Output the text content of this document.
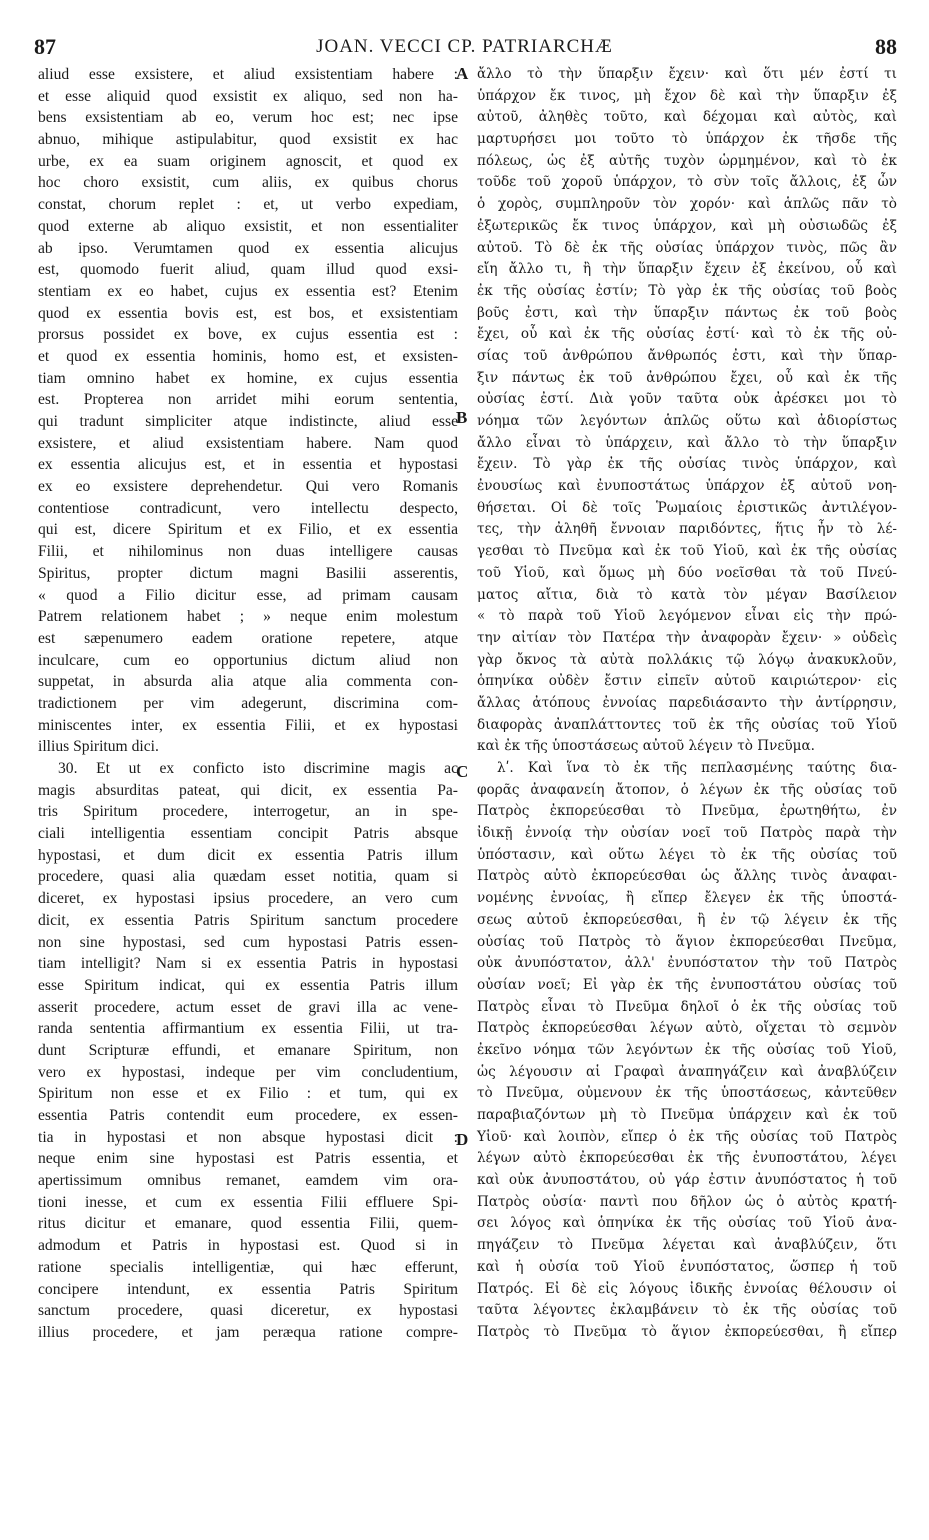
87	JOAN. VECCI CP. PATRIARCHÆ	88
aliud esse exsistere, et aliud exsistentiam habere :
et esse aliquid quod exsistit ex aliquo, sed non ha-
bens exsistentiam ab eo, verum hoc est; nec ipse
abnuo, mihique astipulabitur, quod exsistit ex hac
urbe, ex ea suam originem agnoscit, et quod ex
hoc choro exsistit, cum aliis, ex quibus chorus
constat, chorum replet : et, ut verbo expediam,
quod externe ab aliquo exsistit, et non essentialiter
ab ipso. Verumtamen quod ex essentia alicujus
est, quomodo fuerit aliud, quam illud quod exsi-
stentiam ex eo habet, cujus ex essentia est? Etenim
quod ex essentia bovis est, est bos, et exsistentiam
prorsus possidet ex bove, ex cujus essentia est :
et quod ex essentia hominis, homo est, et exsisten-
tiam omnino habet ex homine, ex cujus essentia
est. Propterea non arridet mihi eorum sententia,
qui tradunt simpliciter atque indistincte, aliud esse
exsistere, et aliud exsistentiam habere. Nam quod
ex essentia alicujus est, et in essentia et hypostasi
ex eo exsistere deprehendetur. Qui vero Romanis
contentiose contradicunt, vero intellectu despecto,
qui est, dicere Spiritum et ex Filio, et ex essentia
Filii, et nihilominus non duas intelligere causas
Spiritus, propter dictum magni Basilii asserentis,
« quod a Filio dicitur esse, ad primam causam
Patrem relationem habet ; » neque enim molestum
est sæpenumero eadem oratione repetere, atque
inculcare, cum eo opportunius dictum aliud non
suppetat, in absurda alia atque alia commenta con-
tradictionem per vim adegerunt, discrimina com-
miniscentes inter, ex essentia Filii, et ex hypostasi
illius Spiritum dici.
30. Et ut ex conficto isto discrimine magis ac
magis absurditas pateat, qui dicit, ex essentia Pa-
tris Spiritum procedere, interrogetur, an in spe-
ciali intelligentia essentiam concipit Patris absque
hypostasi, et dum dicit ex essentia Patris illum
procedere, quasi alia quædam esset notitia, quam si
diceret, ex hypostasi ipsius procedere, an vero cum
dicit, ex essentia Patris Spiritum sanctum procedere
non sine hypostasi, sed cum hypostasi Patris essen-
tiam intelligit? Nam si ex essentia Patris in hypostasi
esse Spiritum indicat, qui ex essentia Patris illum
asserit procedere, actum esset de gravi illa ac vene-
randa sententia affirmantium ex essentia Filii, ut tra-
dunt Scripturæ effundi, et emanare Spiritum, non
vero ex hypostasi, indeque per vim concludentium,
Spiritum non esse et ex Filio : et tum, qui ex
essentia Patris contendit eum procedere, ex essen-
tia in hypostasi et non absque hypostasi dicit :
neque enim sine hypostasi est Patris essentia, et
apertissimum omnibus remanet, eamdem vim ora-
tioni inesse, et cum ex essentia Filii effluere Spi-
ritus dicitur et emanare, quod essentia Filii, quem-
admodum et Patris in hypostasi est. Quod si in
ratione specialis intelligentiæ, qui hæc efferunt,
concipere intendunt, ex essentia Patris Spiritum
sanctum procedere, quasi diceretur, ex hypostasi
illius procedere, et jam peræqua ratione compre-
ἄλλο τὸ τὴν ὕπαρξιν ἔχειν· καὶ ὅτι μέν ἐστί τι
ὑπάρχον ἔκ τινος, μὴ ἔχον δὲ καὶ τὴν ὕπαρξιν ἐξ
αὐτοῦ, ἀληθὲς τοῦτο, καὶ δέχομαι καὶ αὐτὸς, καὶ
μαρτυρήσει μοι τοῦτο τὸ ὑπάρχον ἐκ τῆσδε τῆς
πόλεως, ὡς ἐξ αὐτῆς τυχὸν ὡρμημένον, καὶ τὸ ἐκ
τοῦδε τοῦ χοροῦ ὑπάρχον, τὸ σὺν τοῖς ἄλλοις, ἐξ ὧν
ὁ χορὸς, συμπληροῦν τὸν χορόν· καὶ ἁπλῶς πᾶν τὸ
ἐξωτερικῶς ἔκ τινος ὑπάρχον, καὶ μὴ οὐσιωδῶς ἐξ
αὐτοῦ. Τὸ δὲ ἐκ τῆς οὐσίας ὑπάρχον τινὸς, πῶς ἂν
εἴη ἄλλο τι, ἢ τὴν ὕπαρξιν ἔχειν ἐξ ἐκείνου, οὗ καὶ
ἐκ τῆς οὐσίας ἐστίν; Τὸ γὰρ ἐκ τῆς οὐσίας τοῦ βοὸς
βοῦς ἐστι, καὶ τὴν ὕπαρξιν πάντως ἐκ τοῦ βοὸς
ἔχει, οὗ καὶ ἐκ τῆς οὐσίας ἐστί· καὶ τὸ ἐκ τῆς οὐ-
σίας τοῦ ἀνθρώπου ἄνθρωπός ἐστι, καὶ τὴν ὕπαρ-
ξιν πάντως ἐκ τοῦ ἀνθρώπου ἔχει, οὗ καὶ ἐκ τῆς
οὐσίας ἐστί. Διὰ γοῦν ταῦτα οὐκ ἀρέσκει μοι τὸ
νόημα τῶν λεγόντων ἁπλῶς οὕτω καὶ ἀδιορίστως
ἄλλο εἶναι τὸ ὑπάρχειν, καὶ ἄλλο τὸ τὴν ὕπαρξιν
ἔχειν. Τὸ γὰρ ἐκ τῆς οὐσίας τινὸς ὑπάρχον, καὶ
ἐνουσίως καὶ ἐνυποστάτως ὑπάρχον ἐξ αὐτοῦ νοη-
θήσεται. Οἱ δὲ τοῖς Ῥωμαίοις ἐριστικῶς ἀντιλέγον-
τες, τὴν ἀληθῆ ἔννοιαν παριδόντες, ἥτις ἦν τὸ λέ-
γεσθαι τὸ Πνεῦμα καὶ ἐκ τοῦ Υἱοῦ, καὶ ἐκ τῆς οὐσίας
τοῦ Υἱοῦ, καὶ ὅμως μὴ δύο νοεῖσθαι τὰ τοῦ Πνεύ-
ματος αἴτια, διὰ τὸ κατὰ τὸν μέγαν Βασίλειον
« τὸ παρὰ τοῦ Υἱοῦ λεγόμενον εἶναι εἰς τὴν πρώ-
την αἰτίαν τὸν Πατέρα τὴν ἀναφορὰν ἔχειν· » οὐδεὶς
γὰρ ὄκνος τὰ αὐτὰ πολλάκις τῷ λόγῳ ἀνακυκλοῦν,
ὁπηνίκα οὐδὲν ἔστιν εἰπεῖν αὐτοῦ καιριώτερον· εἰς
ἄλλας ἀτόπους ἐννοίας παρεδιάσαντο τὴν ἀντίρρησιν,
διαφορὰς ἀναπλάττοντες τοῦ ἐκ τῆς οὐσίας τοῦ Υἱοῦ
καὶ ἐκ τῆς ὑποστάσεως αὐτοῦ λέγειν τὸ Πνεῦμα.
λʹ. Καὶ ἵνα τὸ ἐκ τῆς πεπλασμένης ταύτης δια-
φορᾶς ἀναφανείη ἄτοπον, ὁ λέγων ἐκ τῆς οὐσίας τοῦ
Πατρὸς ἐκπορεύεσθαι τὸ Πνεῦμα, ἐρωτηθήτω, ἐν
ἰδικῇ ἐννοίᾳ τὴν οὐσίαν νοεῖ τοῦ Πατρὸς παρὰ τὴν
ὑπόστασιν, καὶ οὕτω λέγει τὸ ἐκ τῆς οὐσίας τοῦ
Πατρὸς αὐτὸ ἐκπορεύεσθαι ὡς ἄλλης τινὸς ἀναφαι-
νομένης ἐννοίας, ἢ εἴπερ ἔλεγεν ἐκ τῆς ὑποστά-
σεως αὐτοῦ ἐκπορεύεσθαι, ἢ ἐν τῷ λέγειν ἐκ τῆς
οὐσίας τοῦ Πατρὸς τὸ ἅγιον ἐκπορεύεσθαι Πνεῦμα,
οὐκ ἀνυπόστατον, ἀλλ' ἐνυπόστατον τὴν τοῦ Πατρὸς
οὐσίαν νοεῖ; Εἰ γὰρ ἐκ τῆς ἐνυποστάτου οὐσίας τοῦ
Πατρὸς εἶναι τὸ Πνεῦμα δηλοῖ ὁ ἐκ τῆς οὐσίας τοῦ
Πατρὸς ἐκπορεύεσθαι λέγων αὐτὸ, οἴχεται τὸ σεμνὸν
ἐκεῖνο νόημα τῶν λεγόντων ἐκ τῆς οὐσίας τοῦ Υἱοῦ,
ὡς λέγουσιν αἱ Γραφαὶ ἀναπηγάζειν καὶ ἀναβλύζειν
τὸ Πνεῦμα, οὐμενουν ἐκ τῆς ὑποστάσεως, κἀντεῦθεν
παραβιαζόντων μὴ τὸ Πνεῦμα ὑπάρχειν καὶ ἐκ τοῦ
Υἱοῦ· καὶ λοιπὸν, εἴπερ ὁ ἐκ τῆς οὐσίας τοῦ Πατρὸς
λέγων αὐτὸ ἐκπορεύεσθαι ἐκ τῆς ἐνυποστάτου, λέγει
καὶ οὐκ ἀνυποστάτου, οὐ γάρ ἐστιν ἀνυπόστατος ἡ τοῦ
Πατρὸς οὐσία· παντὶ που δῆλον ὡς ὁ αὐτὸς κρατή-
σει λόγος καὶ ὁπηνίκα ἐκ τῆς οὐσίας τοῦ Υἱοῦ ἀνα-
πηγάζειν τὸ Πνεῦμα λέγεται καὶ ἀναβλύζειν, ὅτι
καὶ ἡ οὐσία τοῦ Υἱοῦ ἐνυπόστατος, ὥσπερ ἡ τοῦ
Πατρός. Εἰ δὲ εἰς λόγους ἰδικῆς ἐννοίας θέλουσιν οἱ
ταῦτα λέγοντες ἐκλαμβάνειν τὸ ἐκ τῆς οὐσίας τοῦ
Πατρὸς τὸ Πνεῦμα τὸ ἅγιον ἐκπορεύεσθαι, ἢ εἴπερ
A
B
C
D
